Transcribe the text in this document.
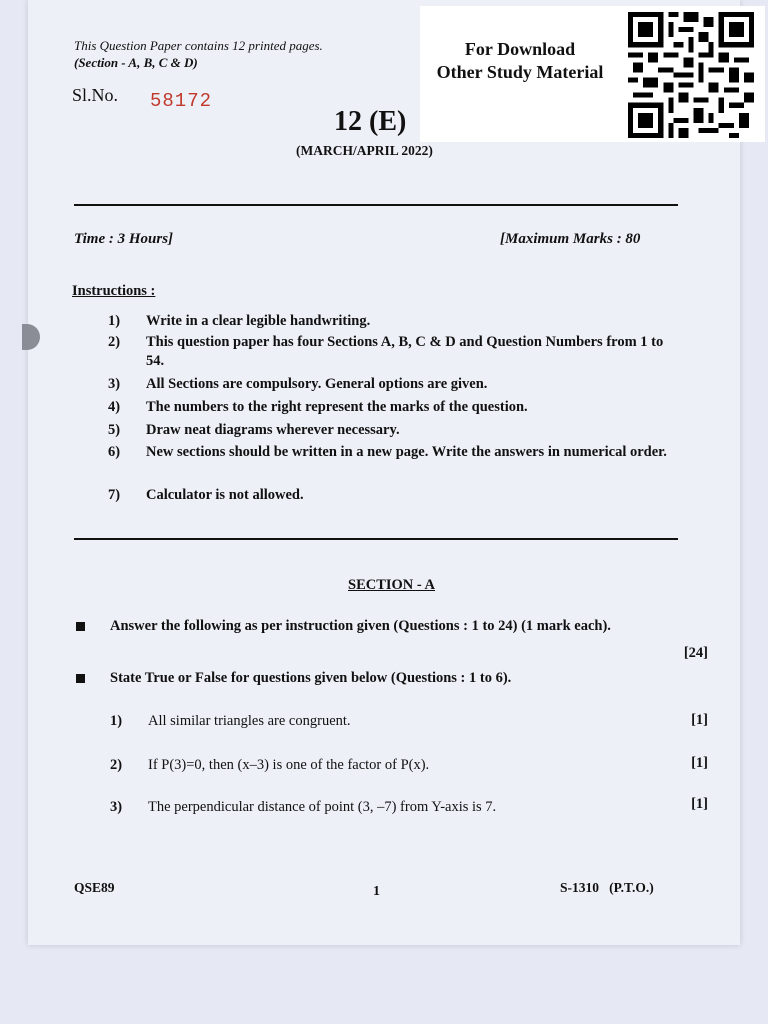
This Question Paper contains 12 printed pages.
(Section - A, B, C & D)
Sl.No. 58172
12 (E)
(MARCH/APRIL 2022)
For Download
Other Study Material
Time : 3 Hours]	[Maximum Marks : 80
Instructions :
1)	Write in a clear legible handwriting.
2)	This question paper has four Sections A, B, C & D and Question Numbers from 1 to 54.
3)	All Sections are compulsory. General options are given.
4)	The numbers to the right represent the marks of the question.
5)	Draw neat diagrams wherever necessary.
6)	New sections should be written in a new page. Write the answers in numerical order.
7)	Calculator is not allowed.
SECTION - A
Answer the following as per instruction given (Questions : 1 to 24) (1 mark each).
[24]
State True or False for questions given below (Questions : 1 to 6).
1) All similar triangles are congruent.	[1]
2) If P(3)=0, then (x–3) is one of the factor of P(x).	[1]
3) The perpendicular distance of point (3, –7) from Y-axis is 7.	[1]
QSE89	1	S-1310   (P.T.O.)
